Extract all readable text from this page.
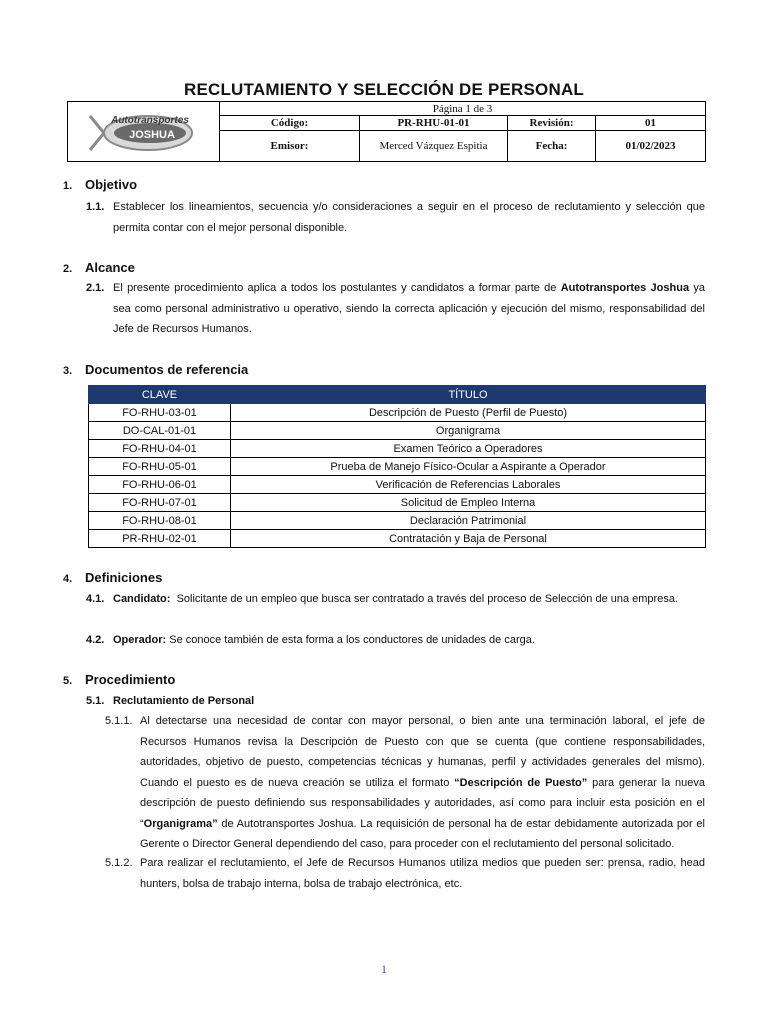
RECLUTAMIENTO Y SELECCIÓN DE PERSONAL
Autotransportes
JOSHUA	Página 1 de 3			
	Código:	PR-RHU-01-01	Revisión:	01
	Emisor:	Merced Vázquez Espitia	Fecha:	01/02/2023
1. Objetivo
1.1. Establecer los lineamientos, secuencia y/o consideraciones a seguir en el proceso de reclutamiento y selección que permita contar con el mejor personal disponible.
2. Alcance
2.1. El presente procedimiento aplica a todos los postulantes y candidatos a formar parte de Autotransportes Joshua ya sea como personal administrativo u operativo, siendo la correcta aplicación y ejecución del mismo, responsabilidad del Jefe de Recursos Humanos.
3. Documentos de referencia
CLAVE	TÍTULO
FO-RHU-03-01	Descripción de Puesto (Perfil de Puesto)
DO-CAL-01-01	Organigrama
FO-RHU-04-01	Examen Teórico a Operadores
FO-RHU-05-01	Prueba de Manejo Físico-Ocular a Aspirante a Operador
FO-RHU-06-01	Verificación de Referencias Laborales
FO-RHU-07-01	Solicitud de Empleo Interna
FO-RHU-08-01	Declaración Patrimonial
PR-RHU-02-01	Contratación y Baja de Personal
4. Definiciones
4.1. Candidato: Solicitante de un empleo que busca ser contratado a través del proceso de Selección de una empresa.
4.2. Operador: Se conoce también de esta forma a los conductores de unidades de carga.
5. Procedimiento
5.1. Reclutamiento de Personal
5.1.1. Al detectarse una necesidad de contar con mayor personal, o bien ante una terminación laboral, el jefe de Recursos Humanos revisa la Descripción de Puesto con que se cuenta (que contiene responsabilidades, autoridades, objetivo de puesto, competencias técnicas y humanas, perfil y actividades generales del mismo). Cuando el puesto es de nueva creación se utiliza el formato “Descripción de Puesto” para generar la nueva descripción de puesto definiendo sus responsabilidades y autoridades, así como para incluir esta posición en el “Organigrama” de Autotransportes Joshua. La requisición de personal ha de estar debidamente autorizada por el Gerente o Director General dependiendo del caso, para proceder con el reclutamiento del personal solicitado.
5.1.2. Para realizar el reclutamiento, el Jefe de Recursos Humanos utiliza medios que pueden ser: prensa, radio, head hunters, bolsa de trabajo interna, bolsa de trabajo electrónica, etc.
1
